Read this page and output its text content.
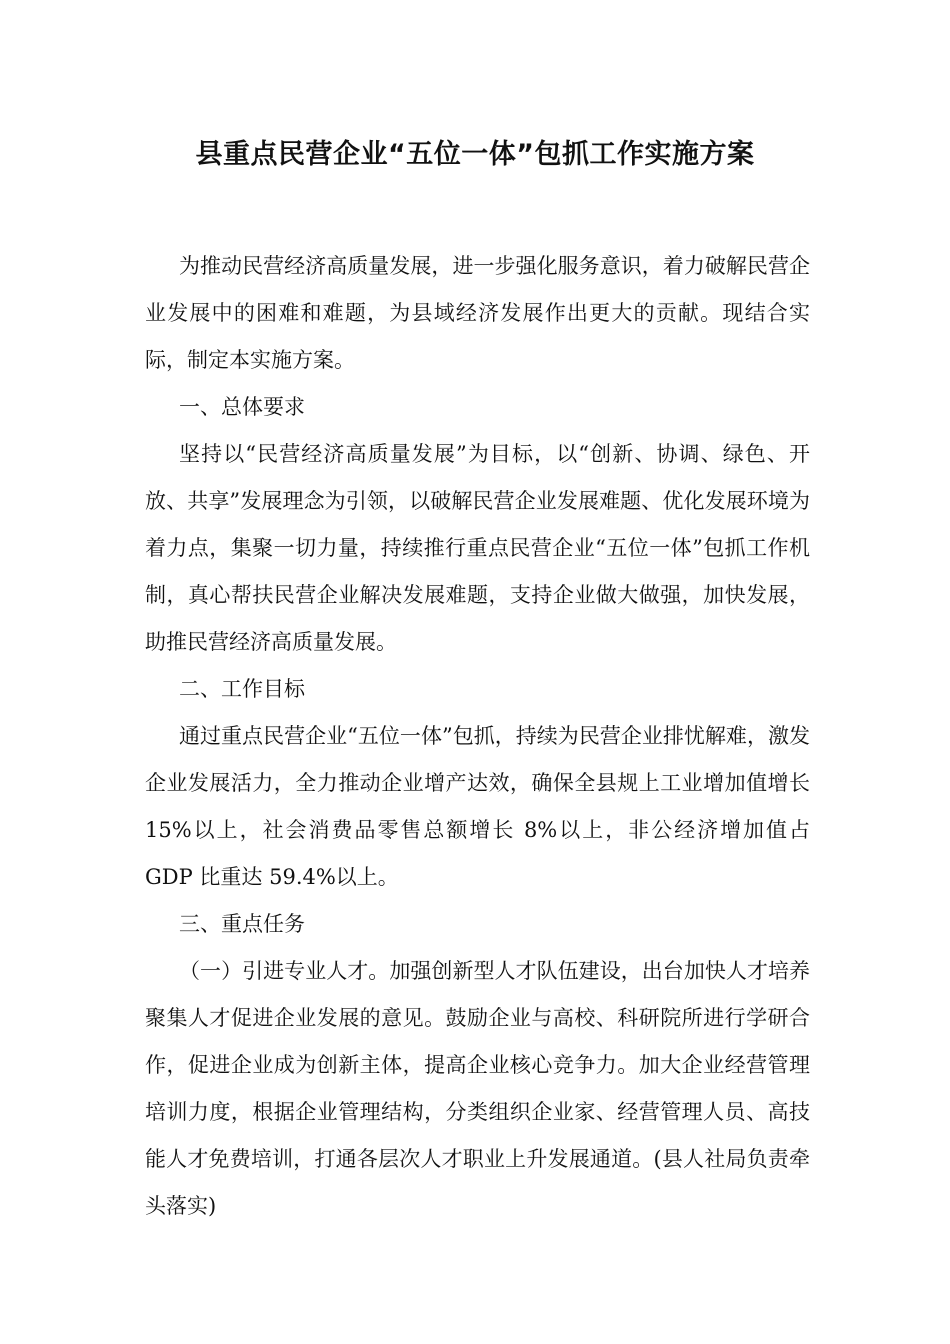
县重点民营企业“五位一体”包抓工作实施方案

为推动民营经济高质量发展，进一步强化服务意识，着力破解民营企业发展中的困难和难题，为县域经济发展作出更大的贡献。现结合实际，制定本实施方案。

一、总体要求

坚持以“民营经济高质量发展”为目标，以“创新、协调、绿色、开放、共享”发展理念为引领，以破解民营企业发展难题、优化发展环境为着力点，集聚一切力量，持续推行重点民营企业“五位一体”包抓工作机制，真心帮扶民营企业解决发展难题，支持企业做大做强，加快发展，助推民营经济高质量发展。

二、工作目标

通过重点民营企业“五位一体”包抓，持续为民营企业排忧解难，激发企业发展活力，全力推动企业增产达效，确保全县规上工业增加值增长 15%以上，社会消费品零售总额增长 8%以上，非公经济增加值占 GDP 比重达 59.4%以上。

三、重点任务

（一）引进专业人才。加强创新型人才队伍建设，出台加快人才培养聚集人才促进企业发展的意见。鼓励企业与高校、科研院所进行学研合作，促进企业成为创新主体，提高企业核心竞争力。加大企业经营管理培训力度，根据企业管理结构，分类组织企业家、经营管理人员、高技能人才免费培训，打通各层次人才职业上升发展通道。(县人社局负责牵头落实)
